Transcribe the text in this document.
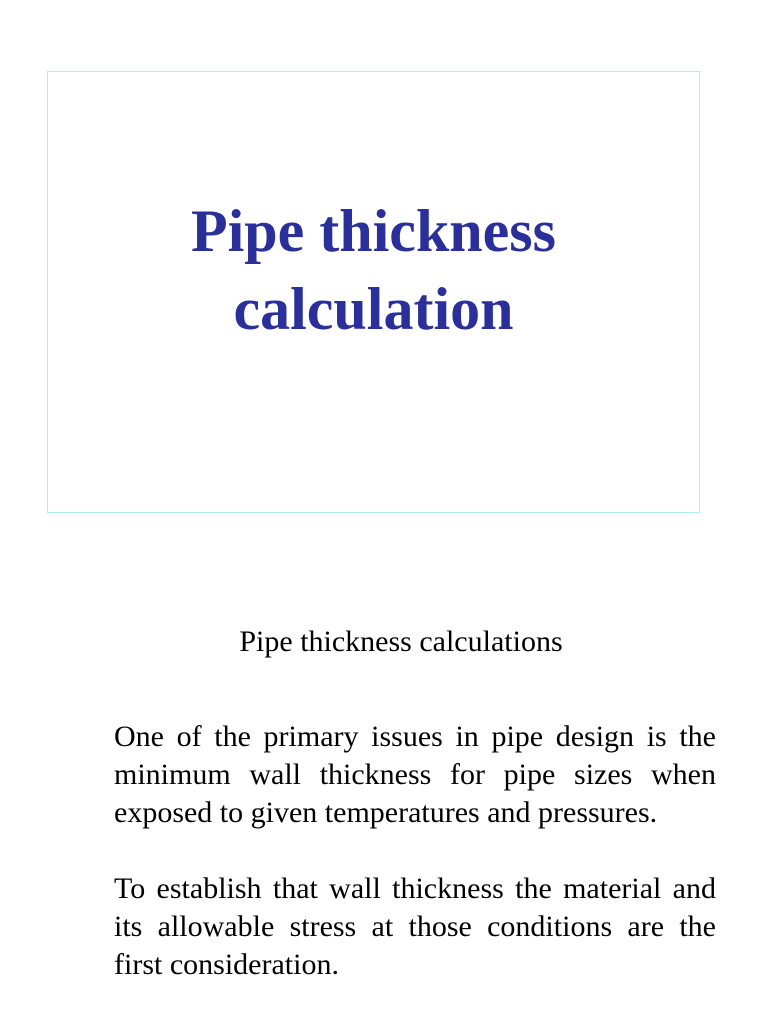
Pipe thickness calculation
Pipe thickness calculations

One of the primary issues in pipe design is the minimum wall thickness for pipe sizes when exposed to given temperatures and pressures.

To establish that wall thickness the material and its allowable stress at those conditions are the first consideration.
